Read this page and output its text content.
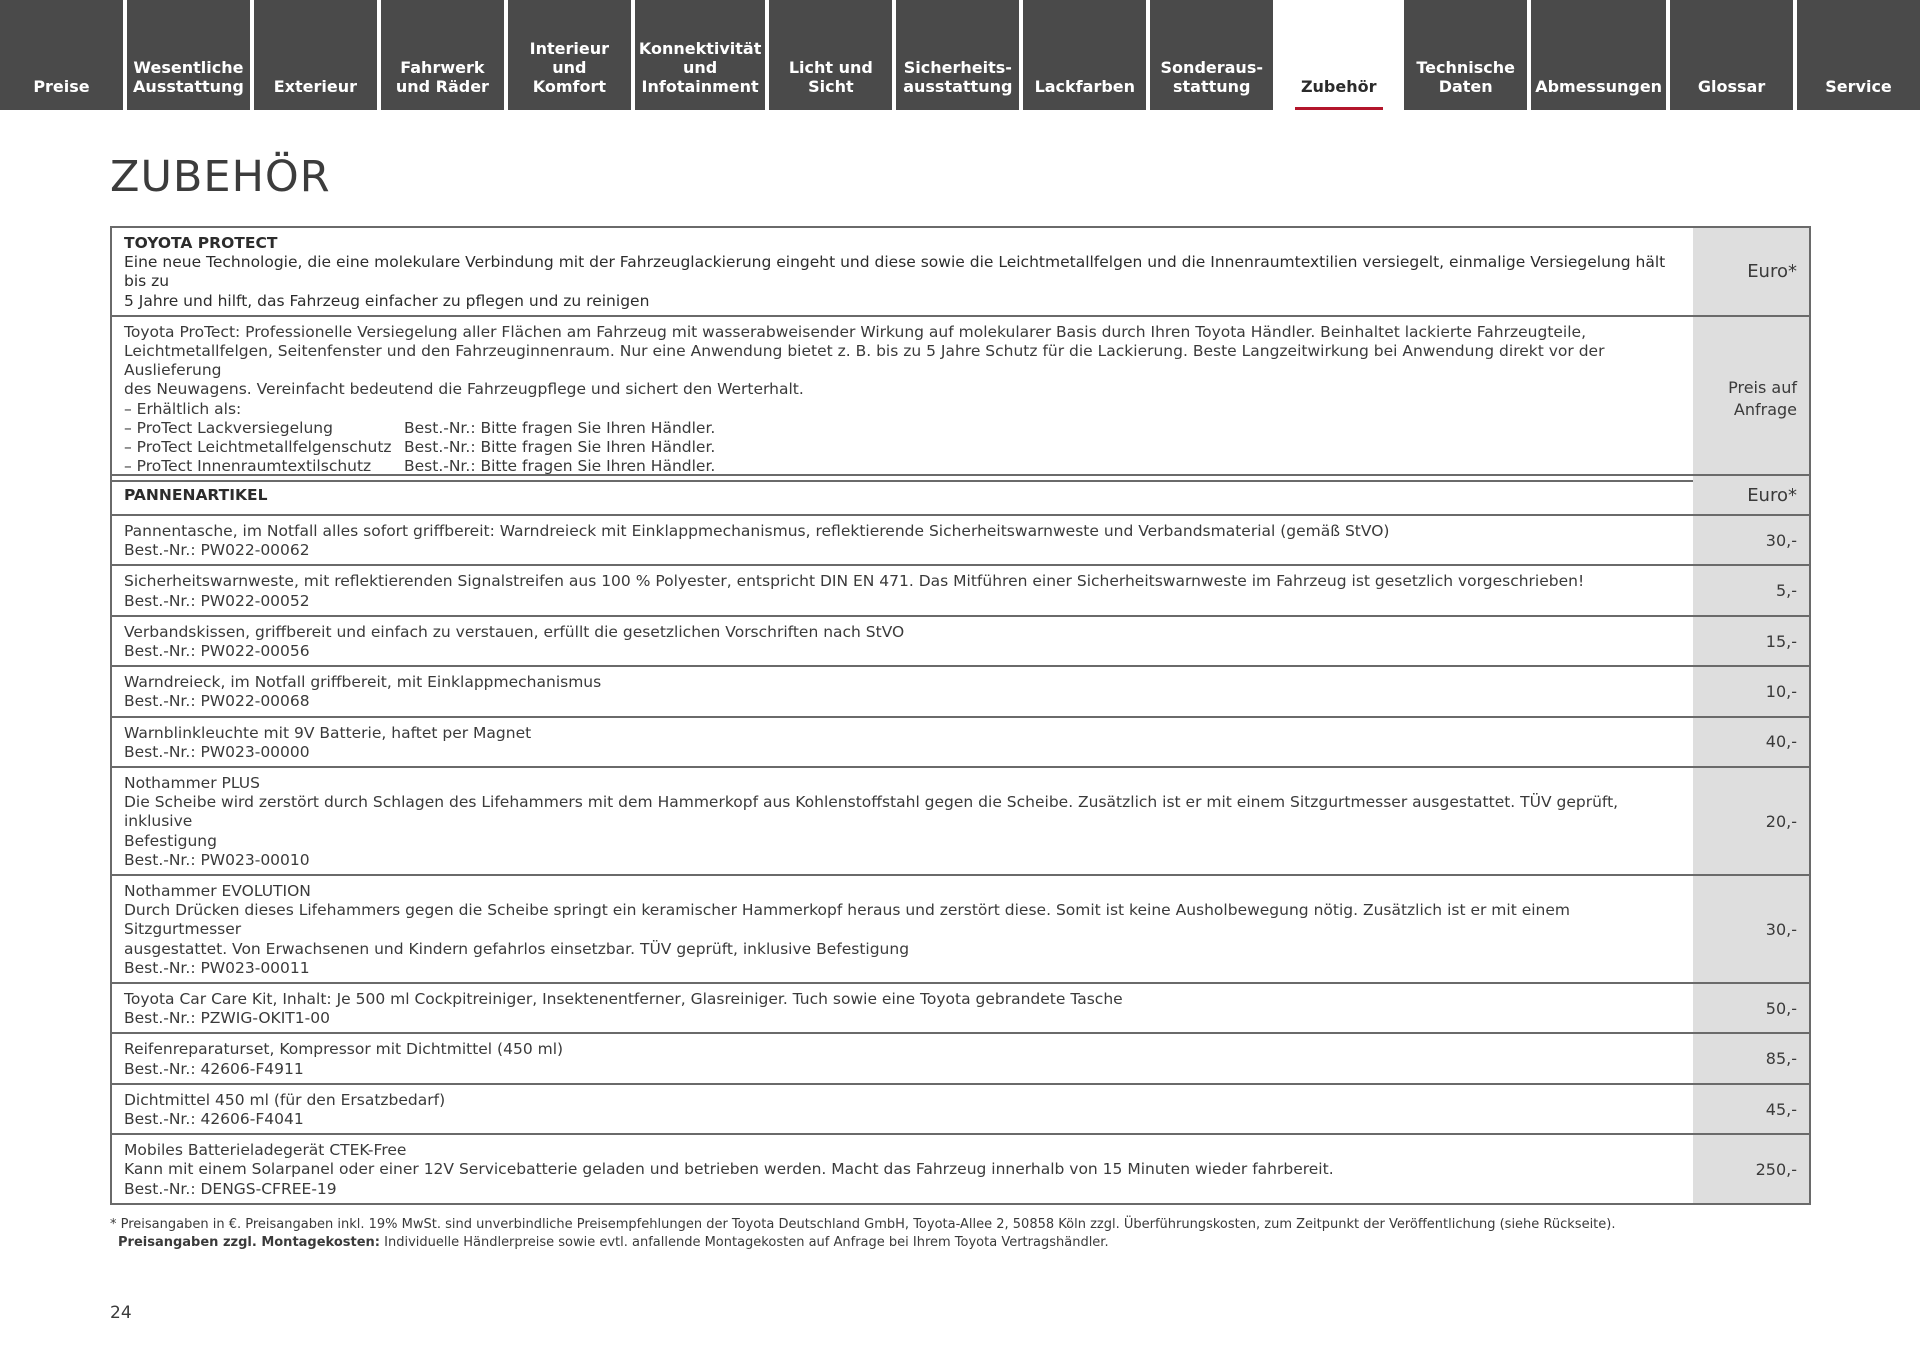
Preise
Wesentliche
Ausstattung Exterieur
Fahrwerk
und Räder
Interieur und
Komfort
Konnektivität
und
Infotainment
Licht und Sicht
Sicherheits-
ausstattung Lackfarben
Sonderaus-
stattung	Zubehör
Technische
Daten	Abmessungen Glossar	Service
ZUBEHÖR
TOYOTA PROTECT
Eine neue Technologie, die eine molekulare Verbindung mit der Fahrzeuglackierung eingeht und diese sowie die Leichtmetallfelgen und die Innenraumtextilien versiegelt, einmalige Versiegelung hält bis zu
5 Jahre und hilft, das Fahrzeug einfacher zu pflegen und zu reinigen
Euro*
Toyota ProTect: Professionelle Versiegelung aller Flächen am Fahrzeug mit wasserabweisender Wirkung auf molekularer Basis durch Ihren Toyota Händler. Beinhaltet lackierte Fahrzeugteile,
Leichtmetallfelgen, Seitenfenster und den Fahrzeuginnenraum. Nur eine Anwendung bietet z. B. bis zu 5 Jahre Schutz für die Lackierung. Beste Langzeitwirkung bei Anwendung direkt vor der Auslieferung
des Neuwagens. Vereinfacht bedeutend die Fahrzeugpflege und sichert den Werterhalt.
– Erhältlich als:
– ProTect Lackversiegelung	Best.-Nr.: Bitte fragen Sie Ihren Händler.
– ProTect Leichtmetallfelgenschutz Best.-Nr.: Bitte fragen Sie Ihren Händler.
– ProTect Innenraumtextilschutz	Best.-Nr.: Bitte fragen Sie Ihren Händler.
Preis auf
Anfrage
PANNENARTIKEL	Euro*
Pannentasche, im Notfall alles sofort griffbereit: Warndreieck mit Einklappmechanismus, reflektierende Sicherheitswarnweste und Verbandsmaterial (gemäß StVO)
Best.-Nr.: PW022-00062
30,-
Sicherheitswarnweste, mit reflektierenden Signalstreifen aus 100 % Polyester, entspricht DIN EN 471. Das Mitführen einer Sicherheitswarnweste im Fahrzeug ist gesetzlich vorgeschrieben!
Best.-Nr.: PW022-00052
5,-
Verbandskissen, griffbereit und einfach zu verstauen, erfüllt die gesetzlichen Vorschriften nach StVO
Best.-Nr.: PW022-00056
15,-
Warndreieck, im Notfall griffbereit, mit Einklappmechanismus
Best.-Nr.: PW022-00068
10,-
Warnblinkleuchte mit 9V Batterie, haftet per Magnet
Best.-Nr.: PW023-00000
40,-
Nothammer PLUS
Die Scheibe wird zerstört durch Schlagen des Lifehammers mit dem Hammerkopf aus Kohlenstoffstahl gegen die Scheibe. Zusätzlich ist er mit einem Sitzgurtmesser ausgestattet. TÜV geprüft, inklusive
Befestigung
Best.-Nr.: PW023-00010
20,-
Nothammer EVOLUTION
Durch Drücken dieses Lifehammers gegen die Scheibe springt ein keramischer Hammerkopf heraus und zerstört diese. Somit ist keine Ausholbewegung nötig. Zusätzlich ist er mit einem Sitzgurtmesser
ausgestattet. Von Erwachsenen und Kindern gefahrlos einsetzbar. TÜV geprüft, inklusive Befestigung
Best.-Nr.: PW023-00011
30,-
Toyota Car Care Kit, Inhalt: Je 500 ml Cockpitreiniger, Insektenentferner, Glasreiniger. Tuch sowie eine Toyota gebrandete Tasche
Best.-Nr.: PZWIG-OKIT1-00
50,-
Reifenreparaturset, Kompressor mit Dichtmittel (450 ml)
Best.-Nr.: 42606-F4911
85,-
Dichtmittel 450 ml (für den Ersatzbedarf)
Best.-Nr.: 42606-F4041
45,-
Mobiles Batterieladegerät CTEK-Free
Kann mit einem Solarpanel oder einer 12V Servicebatterie geladen und betrieben werden. Macht das Fahrzeug innerhalb von 15 Minuten wieder fahrbereit.
Best.-Nr.: DENGS-CFREE-19
250,-
* Preisangaben in €. Preisangaben inkl. 19% MwSt. sind unverbindliche Preisempfehlungen der Toyota Deutschland GmbH, Toyota-Allee 2, 50858 Köln zzgl. Überführungskosten, zum Zeitpunkt der Veröffentlichung (siehe Rückseite).
Preisangaben zzgl. Montagekosten: Individuelle Händlerpreise sowie evtl. anfallende Montagekosten auf Anfrage bei Ihrem Toyota Vertragshändler.
24
